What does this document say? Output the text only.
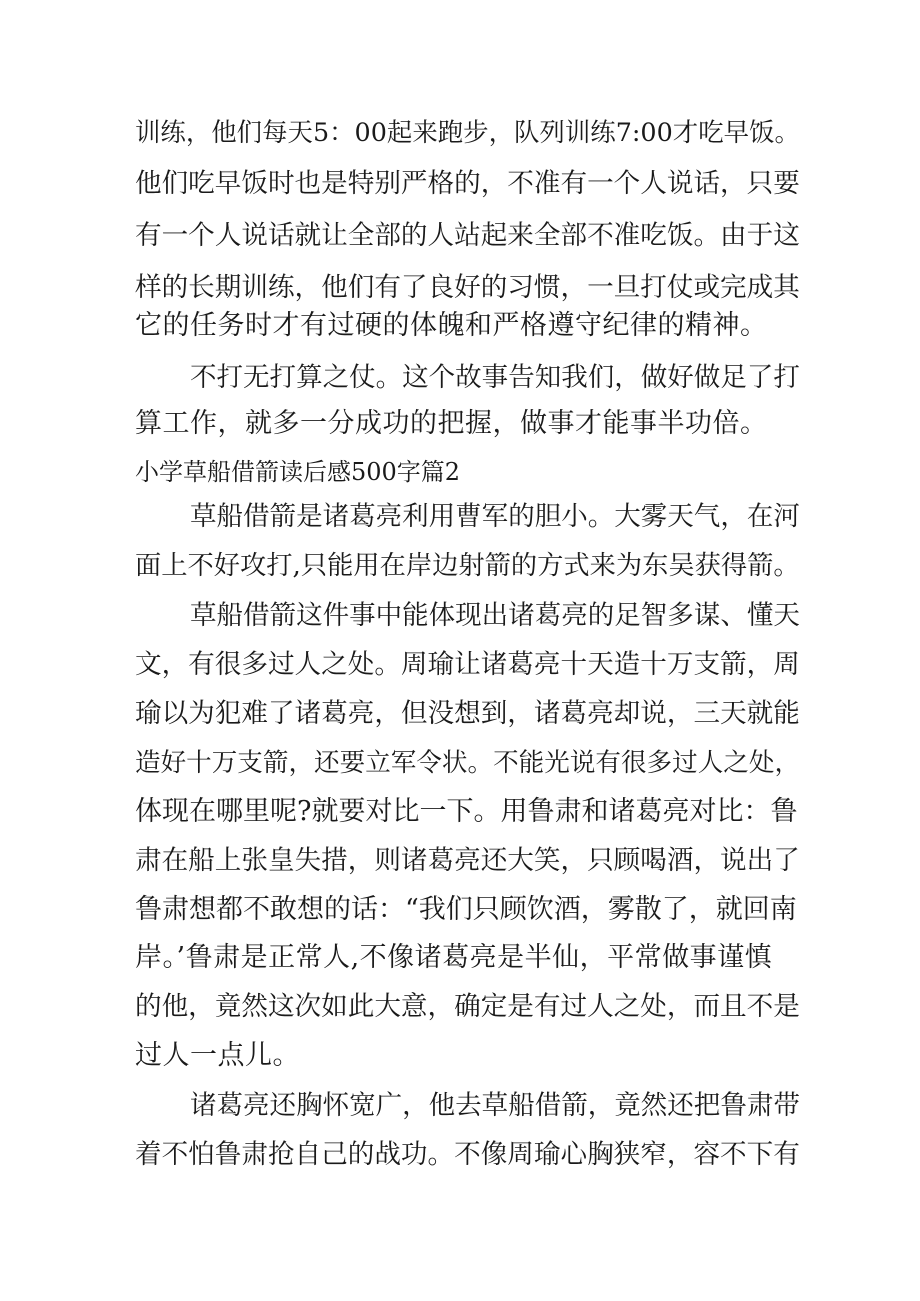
训练，他们每天5：00起来跑步，队列训练7:00才吃早饭。
他们吃早饭时也是特别严格的，不准有一个人说话，只要
有一个人说话就让全部的人站起来全部不准吃饭。由于这
样的长期训练，他们有了良好的习惯，一旦打仗或完成其
它的任务时才有过硬的体魄和严格遵守纪律的精神。
不打无打算之仗。这个故事告知我们，做好做足了打
算工作，就多一分成功的把握，做事才能事半功倍。
小学草船借箭读后感500字篇2
草船借箭是诸葛亮利用曹军的胆小。大雾天气，在河
面上不好攻打,只能用在岸边射箭的方式来为东吴获得箭。
草船借箭这件事中能体现出诸葛亮的足智多谋、懂天
文，有很多过人之处。周瑜让诸葛亮十天造十万支箭，周
瑜以为犯难了诸葛亮，但没想到，诸葛亮却说，三天就能
造好十万支箭，还要立军令状。不能光说有很多过人之处，
体现在哪里呢?就要对比一下。用鲁肃和诸葛亮对比：鲁
肃在船上张皇失措，则诸葛亮还大笑，只顾喝酒，说出了
鲁肃想都不敢想的话：“我们只顾饮酒，雾散了，就回南
岸。’鲁肃是正常人,不像诸葛亮是半仙，平常做事谨慎
的他，竟然这次如此大意，确定是有过人之处，而且不是
过人一点儿。
诸葛亮还胸怀宽广，他去草船借箭，竟然还把鲁肃带
着不怕鲁肃抢自己的战功。不像周瑜心胸狭窄，容不下有
